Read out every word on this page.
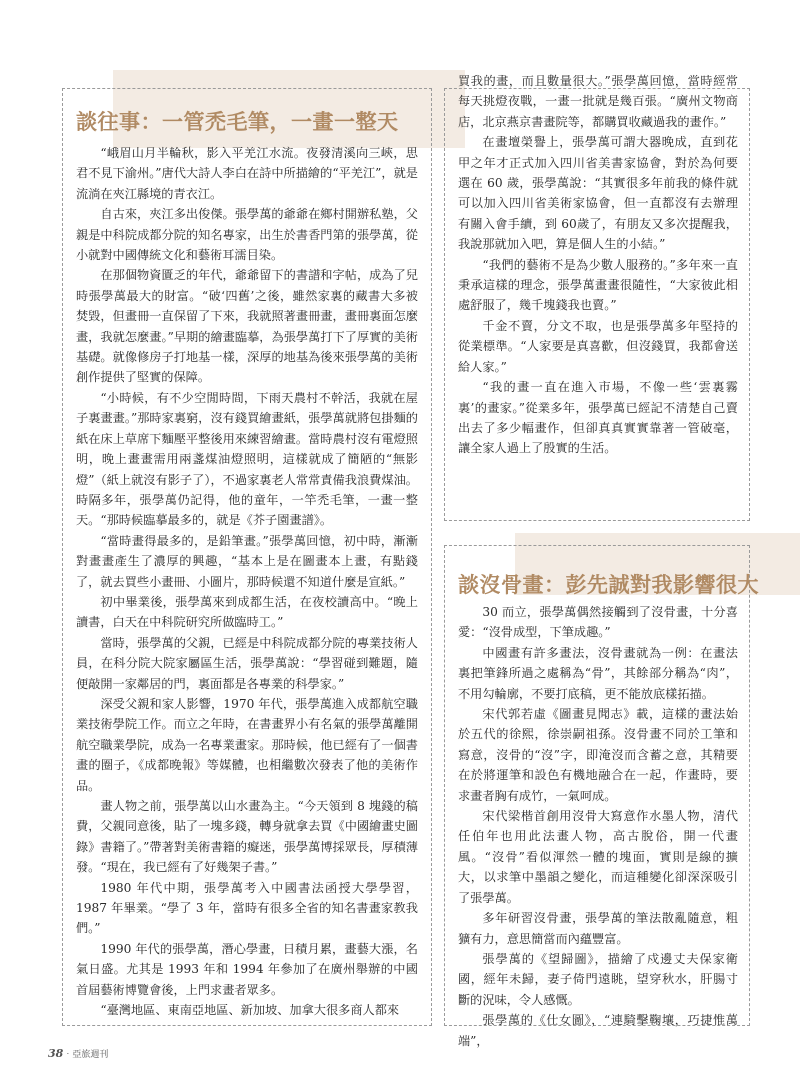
談往事：一管禿毛筆，一畫一整天
談沒骨畫：彭先誠對我影響很大

“峨眉山月半輪秋，影入平羌江水流。夜發清溪向三峽，思君不見下渝州。”唐代大詩人李白在詩中所描繪的“平羌江”，就是流淌在夾江縣境的青衣江。

自古來，夾江多出俊傑。張學萬的爺爺在鄉村開辦私塾，父親是中科院成都分院的知名專家，出生於書香門第的張學萬，從小就對中國傳統文化和藝術耳濡目染。

在那個物資匱乏的年代，爺爺留下的書譜和字帖，成為了兒時張學萬最大的財富。“破‘四舊’之後，雖然家裏的藏書大多被焚毀，但畫冊一直保留了下來，我就照著畫冊畫，畫冊裏面怎麼畫，我就怎麼畫。”早期的繪畫臨摹，為張學萬打下了厚實的美術基礎。就像修房子打地基一樣，深厚的地基為後來張學萬的美術創作提供了堅實的保障。

“小時候，有不少空閒時間，下雨天農村不幹活，我就在屋子裏畫畫。”那時家裏窮，沒有錢買繪畫紙，張學萬就將包掛麵的紙在床上草席下麵壓平整後用來練習繪畫。當時農村沒有電燈照明，晚上畫畫需用兩盞煤油燈照明，這樣就成了簡陋的“無影燈”（紙上就沒有影子了），不過家裏老人常常責備我浪費煤油。時隔多年，張學萬仍記得，他的童年，一竿禿毛筆，一畫一整天。“那時候臨摹最多的，就是《芥子園畫譜》。

“當時畫得最多的，是鉛筆畫。”張學萬回憶，初中時，漸漸對畫畫產生了濃厚的興趣，“基本上是在圖畫本上畫，有點錢了，就去買些小畫冊、小圖片，那時候還不知道什麼是宣紙。”

初中畢業後，張學萬來到成都生活，在夜校讀高中。“晚上讀書，白天在中科院研究所做臨時工。”

當時，張學萬的父親，已經是中科院成都分院的專業技術人員，在科分院大院家屬區生活，張學萬說：“學習碰到難題，隨便敲開一家鄰居的門，裏面都是各專業的科學家。”

深受父親和家人影響，1970 年代，張學萬進入成都航空職業技術學院工作。而立之年時，在書畫界小有名氣的張學萬離開航空職業學院，成為一名專業畫家。那時候，他已經有了一個書畫的圈子，《成都晚報》等媒體，也相繼數次發表了他的美術作品。

畫人物之前，張學萬以山水畫為主。“今天領到 8 塊錢的稿費，父親同意後，貼了一塊多錢，轉身就拿去買《中國繪畫史圖錄》書籍了。”帶著對美術書籍的癡迷，張學萬博採眾長，厚積薄發。“現在，我已經有了好幾架子書。”

1980 年代中期，張學萬考入中國書法函授大學學習，1987 年畢業。“學了 3 年，當時有很多全省的知名書畫家教我們。”

1990 年代的張學萬，潛心學畫，日積月累，畫藝大漲，名氣日盛。尤其是 1993 年和 1994 年參加了在廣州舉辦的中國首屆藝術博覽會後，上門求畫者眾多。

“臺灣地區、東南亞地區、新加坡、加拿大很多商人都來

買我的畫，而且數量很大。”張學萬回憶，當時經常每天挑燈夜戰，一畫一批就是幾百張。“廣州文物商店，北京燕京書畫院等，都購買收藏過我的畫作。”

在畫壇榮譽上，張學萬可謂大器晚成，直到花甲之年才正式加入四川省美書家協會，對於為何要選在 60 歲，張學萬說：“其實很多年前我的條件就可以加入四川省美術家協會，但一直都沒有去辦理有關入會手續，到 60歲了，有朋友又多次提醒我，我說那就加入吧，算是個人生的小結。”

“我們的藝術不是為少數人服務的。”多年來一直秉承這樣的理念，張學萬畫畫很隨性，“大家彼此相處舒服了，幾千塊錢我也賣。”

千金不賣，分文不取，也是張學萬多年堅持的從業標準。“人家要是真喜歡，但沒錢買，我都會送給人家。”

“我的畫一直在進入市場，不像一些‘雲裏霧裏’的畫家。”從業多年，張學萬已經記不清楚自己賣出去了多少幅畫作，但卻真真實實靠著一管破毫，讓全家人過上了殷實的生活。

30 而立，張學萬偶然接觸到了沒骨畫，十分喜愛：“沒骨成型，下筆成趣。”

中國畫有許多畫法，沒骨畫就為一例：在畫法裏把筆鋒所過之處稱為“骨”，其餘部分稱為“肉”，不用勾輪廓，不要打底稿，更不能放底樣拓描。

宋代郭若虛《圖畫見聞志》載，這樣的畫法始於五代的徐熙，徐崇嗣祖孫。沒骨畫不同於工筆和寫意，沒骨的“沒”字，即淹沒而含蓄之意，其精要在於將運筆和設色有機地融合在一起，作畫時，要求畫者胸有成竹，一氣呵成。

宋代梁楷首創用沒骨大寫意作水墨人物，清代任伯年也用此法畫人物，高古脫俗，開一代畫風。“沒骨”看似渾然一體的塊面，實則是線的擴大，以求筆中墨韻之變化，而這種變化卻深深吸引了張學萬。

多年研習沒骨畫，張學萬的筆法散亂隨意，粗獷有力，意思簡當而內蘊豐富。

張學萬的《望歸圖》，描繪了戍邊丈夫保家衛國，經年未歸，妻子倚門遠眺，望穿秋水，肝腸寸斷的況味，令人感慨。

張學萬的《仕女圖》，“連騎擊鞠壤，巧捷惟萬端”，

38‧亞旅週刊
